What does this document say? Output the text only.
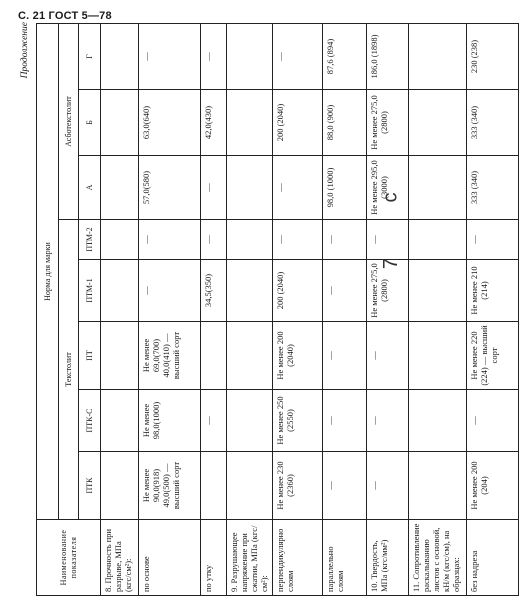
С. 21 ГОСТ 5—78
Продолжение
Наименование показателя	Норма для марки							
	Текстолит					Асботекстолит		
	ПТК	ПТК-С	ПТ	ПТМ-1	ПТМ-2	А	Б	Г
8. Прочность при разрыве, МПа (кгс/см²):								
по основе	Не менее 90,0(918) 49,0(500) — высший сорт	Не менее 98,0(1000)	Не менее 69,0(700) 40,0(410) — высший сорт	—	—	57,0(580)	63,0(640)	—
по утку		—		34,5(350)	—	—	42,0(430)	—
9. Разрушающее напряжение при сжатии, МПа (кгс/см²):								
перпендикулярно слоям	Не менее 230 (2360)	Не менее 250 (2550)	Не менее 200 (2040)	200 (2040)	—	—	200 (2040)	—
параллельно слоям	—	—	—	—	—	98,0 (1000)	88,0 (900)	87,6 (894)
10. Твердость, МПа (кгс/мм²)	—	—	—	Не менее 275,0 (2800)	—	Не менее 295,0 (3000)	Не менее 275,0 (2800)	186,0 (1898)
11. Сопротивление раскалыванию листов с основой, кН/м (кгс/см), на образцах:								
без надреза	Не менее 200 (204)	—	Не менее 220 (224) — высший сорт	Не менее 210 (214)	—	333 (340)	333 (340)	230 (238)
с
7
